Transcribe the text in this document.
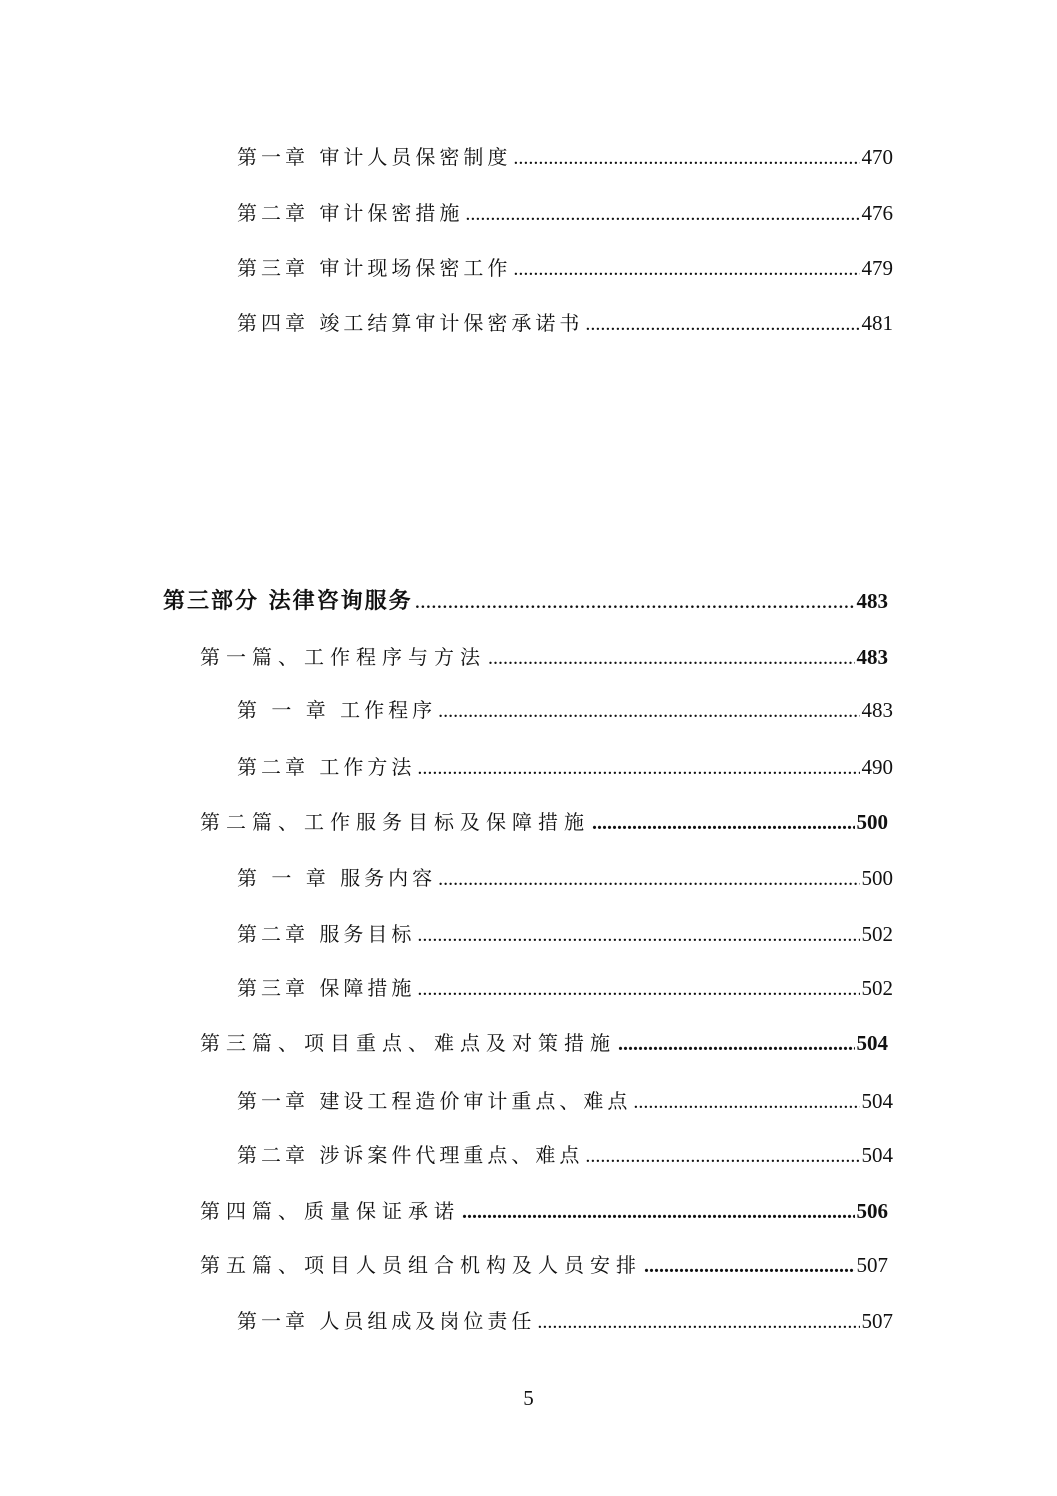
第一章 审计人员保密制度 .....	470
第二章 审计保密措施 .....	476
第三章 审计现场保密工作 .....	479
第四章 竣工结算审计保密承诺书 .....	481
第三部分 法律咨询服务 .....	483
第一篇、工作程序与方法 .....	483
第 一 章 工作程序 .....	483
第二章 工作方法 .....	490
第二篇、工作服务目标及保障措施 .....	500
第 一 章 服务内容 .....	500
第二章 服务目标 .....	502
第三章 保障措施 .....	502
第三篇、项目重点、难点及对策措施 .....	504
第一章 建设工程造价审计重点、难点 .....	504
第二章 涉诉案件代理重点、难点 .....	504
第四篇、质量保证承诺 .....	506
第五篇、项目人员组合机构及人员安排 .....	507
第一章 人员组成及岗位责任 .....	507
5
